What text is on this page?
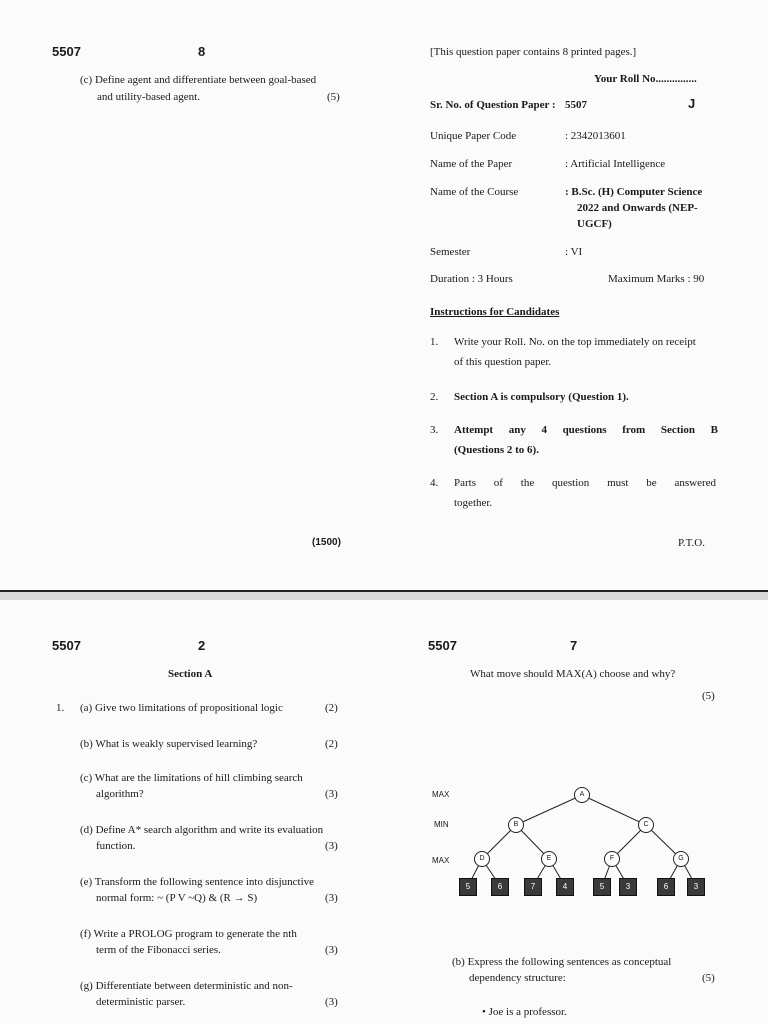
5507	8
(c) Define agent and differentiate between goal-based
and utility-based agent.	(5)
(1500)
[This question paper contains 8 printed pages.]
Your Roll No...............
Sr. No. of Question Paper : 5507	J
Unique Paper Code	: 2342013601
Name of the Paper	: Artificial Intelligence
Name of the Course	: B.Sc. (H) Computer Science
2022 and Onwards (NEP-
UGCF)
Semester	: VI
Duration : 3 Hours	Maximum Marks : 90
Instructions for Candidates
1. Write your Roll. No. on the top immediately on receipt
of this question paper.
2. Section A is compulsory (Question 1).
3. Attempt any 4 questions from Section B
(Questions 2 to 6).
4. Parts of the question must be answered
together.
P.T.O.
5507	2
Section A
1. (a) Give two limitations of propositional logic	(2)
(b) What is weakly supervised learning?	(2)
(c) What are the limitations of hill climbing search
algorithm?	(3)
(d) Define A* search algorithm and write its evaluation
function.	(3)
(e) Transform the following sentence into disjunctive
normal form: ~ (P V ~Q) & (R → S)	(3)
(f) Write a PROLOG program to generate the nth
term of the Fibonacci series.	(3)
(g) Differentiate between deterministic and non-
deterministic parser.	(3)
5507	7
What move should MAX(A) choose and why?
(5)
MAX
MIN
MAX
A
B	C
D	E	F	G
5	6	7	4	5	3	6	3
(b) Express the following sentences as conceptual
dependency structure:	(5)
• Joe is a professor.
